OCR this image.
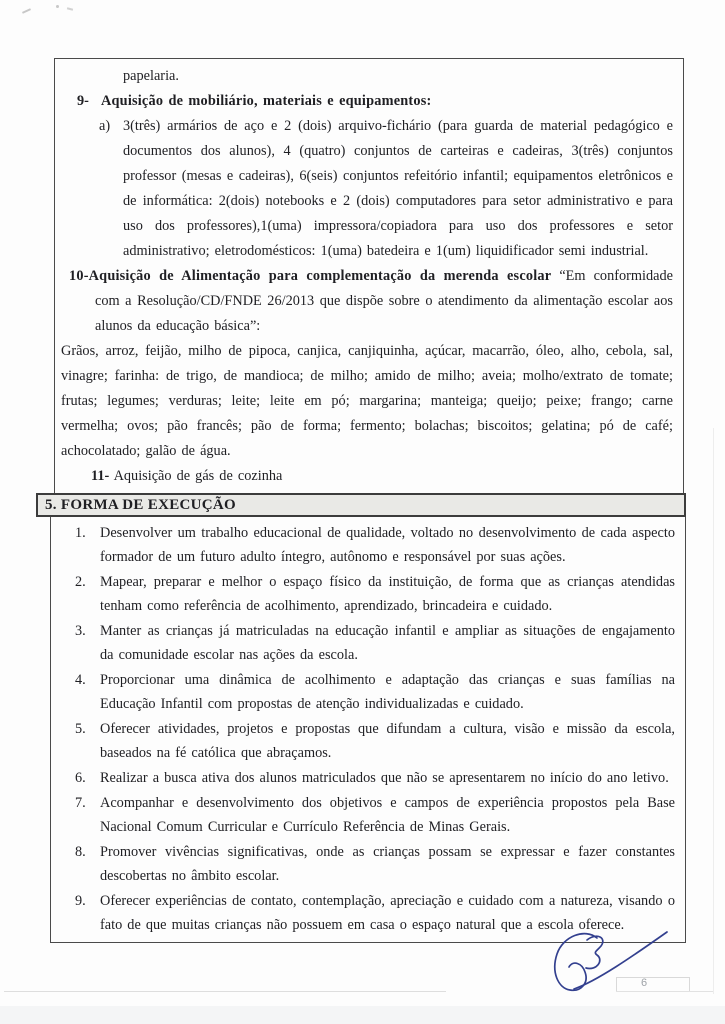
papelaria.

9- Aquisição de mobiliário, materiais e equipamentos:

a) 3(três) armários de aço e 2 (dois) arquivo-fichário (para guarda de material pedagógico e documentos dos alunos), 4 (quatro) conjuntos de carteiras e cadeiras, 3(três) conjuntos professor (mesas e cadeiras), 6(seis) conjuntos refeitório infantil; equipamentos eletrônicos e de informática: 2(dois) notebooks e 2 (dois) computadores para setor administrativo e para uso dos professores),1(uma) impressora/copiadora para uso dos professores e setor administrativo; eletrodomésticos: 1(uma) batedeira e 1(um) liquidificador semi industrial.

10-Aquisição de Alimentação para complementação da merenda escolar “Em conformidade com a Resolução/CD/FNDE 26/2013 que dispõe sobre o atendimento da alimentação escolar aos alunos da educação básica”:

Grãos, arroz, feijão, milho de pipoca, canjica, canjiquinha, açúcar, macarrão, óleo, alho, cebola, sal, vinagre; farinha: de trigo, de mandioca; de milho; amido de milho; aveia; molho/extrato de tomate; frutas; legumes; verduras; leite; leite em pó; margarina; manteiga; queijo; peixe; frango; carne vermelha; ovos; pão francês; pão de forma; fermento; bolachas; biscoitos; gelatina; pó de café; achocolatado; galão de água.

11- Aquisição de gás de cozinha

5. FORMA DE EXECUÇÃO
1. Desenvolver um trabalho educacional de qualidade, voltado no desenvolvimento de cada aspecto formador de um futuro adulto íntegro, autônomo e responsável por suas ações.
2. Mapear, preparar e melhor o espaço físico da instituição, de forma que as crianças atendidas tenham como referência de acolhimento, aprendizado, brincadeira e cuidado.
3. Manter as crianças já matriculadas na educação infantil e ampliar as situações de engajamento da comunidade escolar nas ações da escola.
4. Proporcionar uma dinâmica de acolhimento e adaptação das crianças e suas famílias na Educação Infantil com propostas de atenção individualizadas e cuidado.
5. Oferecer atividades, projetos e propostas que difundam a cultura, visão e missão da escola, baseados na fé católica que abraçamos.
6. Realizar a busca ativa dos alunos matriculados que não se apresentarem no início do ano letivo.
7. Acompanhar e desenvolvimento dos objetivos e campos de experiência propostos pela Base Nacional Comum Curricular e Currículo Referência de Minas Gerais.
8. Promover vivências significativas, onde as crianças possam se expressar e fazer constantes descobertas no âmbito escolar.
9. Oferecer experiências de contato, contemplação, apreciação e cuidado com a natureza, visando o fato de que muitas crianças não possuem em casa o espaço natural que a escola oferece.
6
